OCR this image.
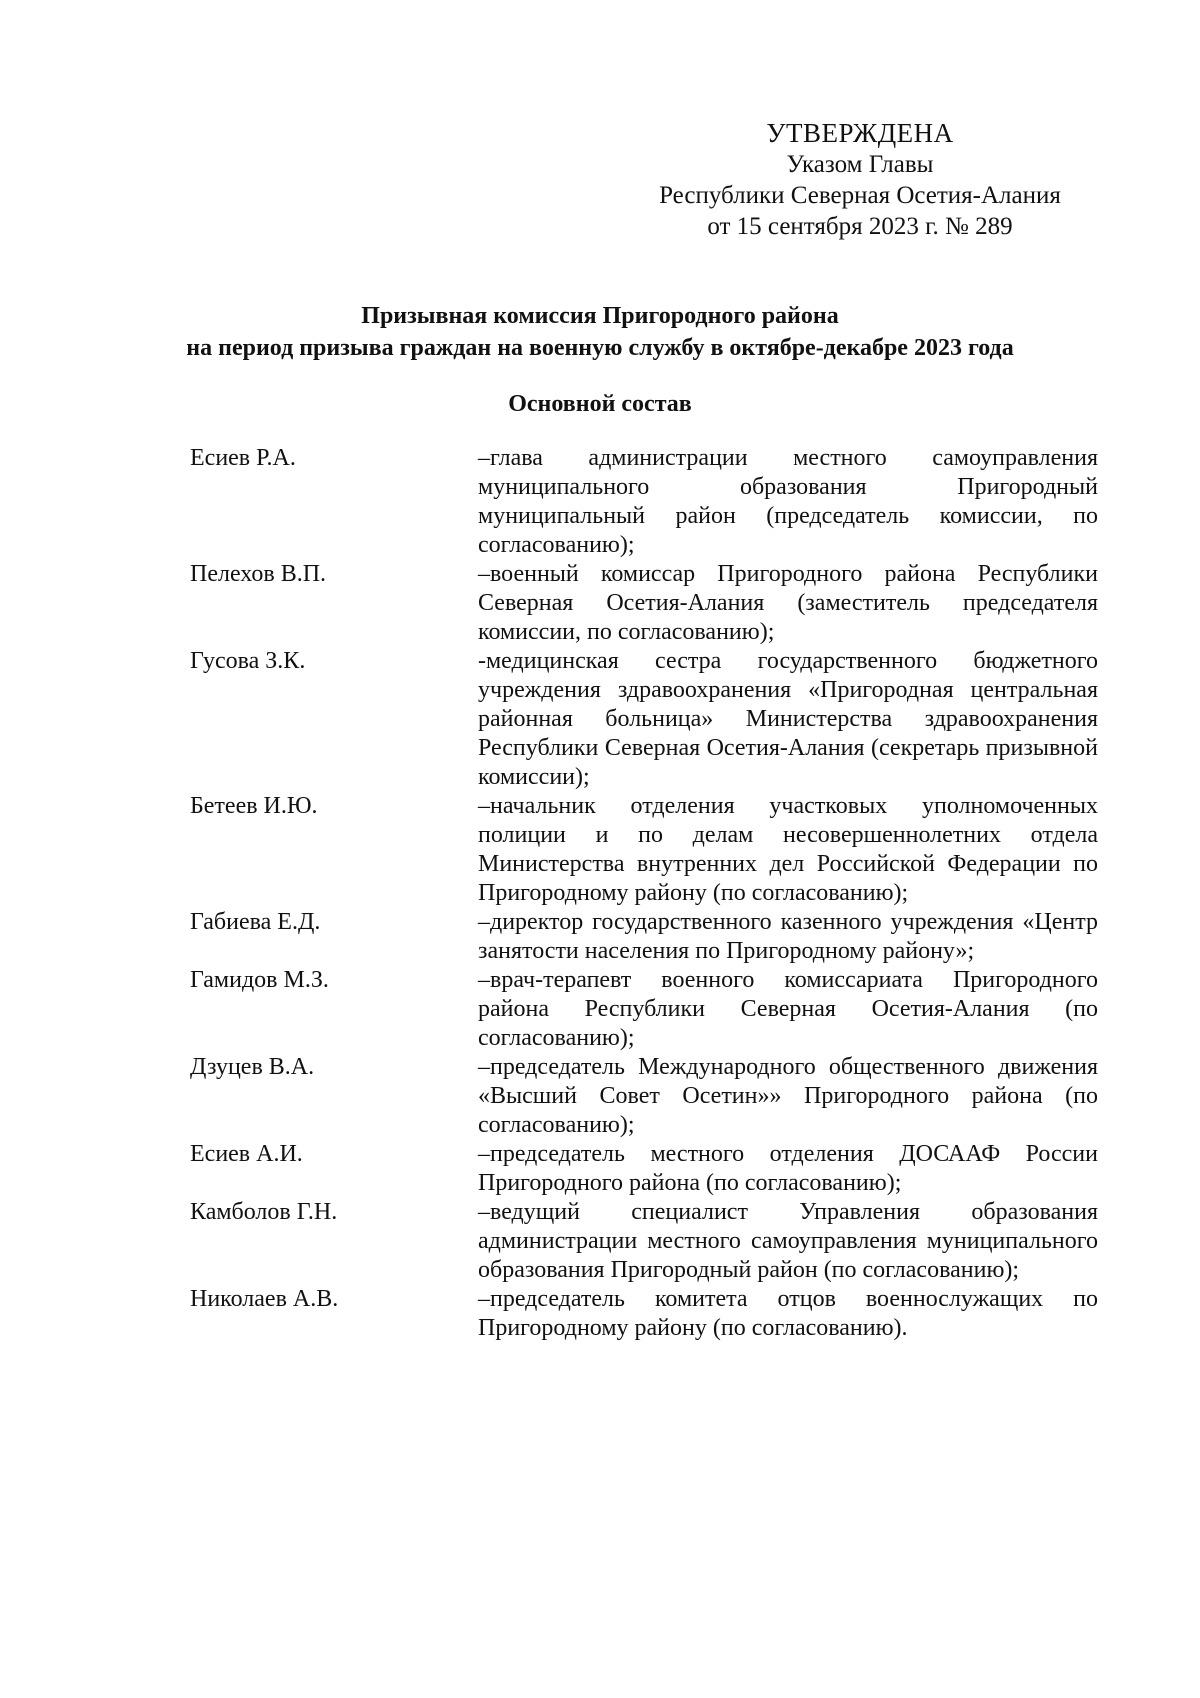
УТВЕРЖДЕНА
Указом Главы
Республики Северная Осетия-Алания
от 15 сентября 2023 г. № 289
Призывная комиссия Пригородного района
на период призыва граждан на военную службу в октябре-декабре 2023 года
Основной состав
Есиев Р.А.	–глава администрации местного самоуправления муниципального образования Пригородный муниципальный район (председатель комиссии, по согласованию);
Пелехов В.П.	–военный комиссар Пригородного района Республики Северная Осетия-Алания (заместитель председателя комиссии, по согласованию);
Гусова З.К.	-медицинская сестра государственного бюджетного учреждения здравоохранения «Пригородная центральная районная больница» Министерства здравоохранения Республики Северная Осетия-Алания (секретарь призывной комиссии);
Бетеев И.Ю.	–начальник отделения участковых уполномоченных полиции и по делам несовершеннолетних отдела Министерства внутренних дел Российской Федерации по Пригородному району (по согласованию);
Габиева Е.Д.	–директор государственного казенного учреждения «Центр занятости населения по Пригородному району»;
Гамидов М.З.	–врач-терапевт военного комиссариата Пригородного района Республики Северная Осетия-Алания (по согласованию);
Дзуцев В.А.	–председатель Международного общественного движения «Высший Совет Осетин»» Пригородного района (по согласованию);
Есиев А.И.	–председатель местного отделения ДОСААФ России Пригородного района (по согласованию);
Камболов Г.Н.	–ведущий специалист Управления образования администрации местного самоуправления муниципального образования Пригородный район (по согласованию);
Николаев А.В.	–председатель комитета отцов военнослужащих по Пригородному району (по согласованию).
